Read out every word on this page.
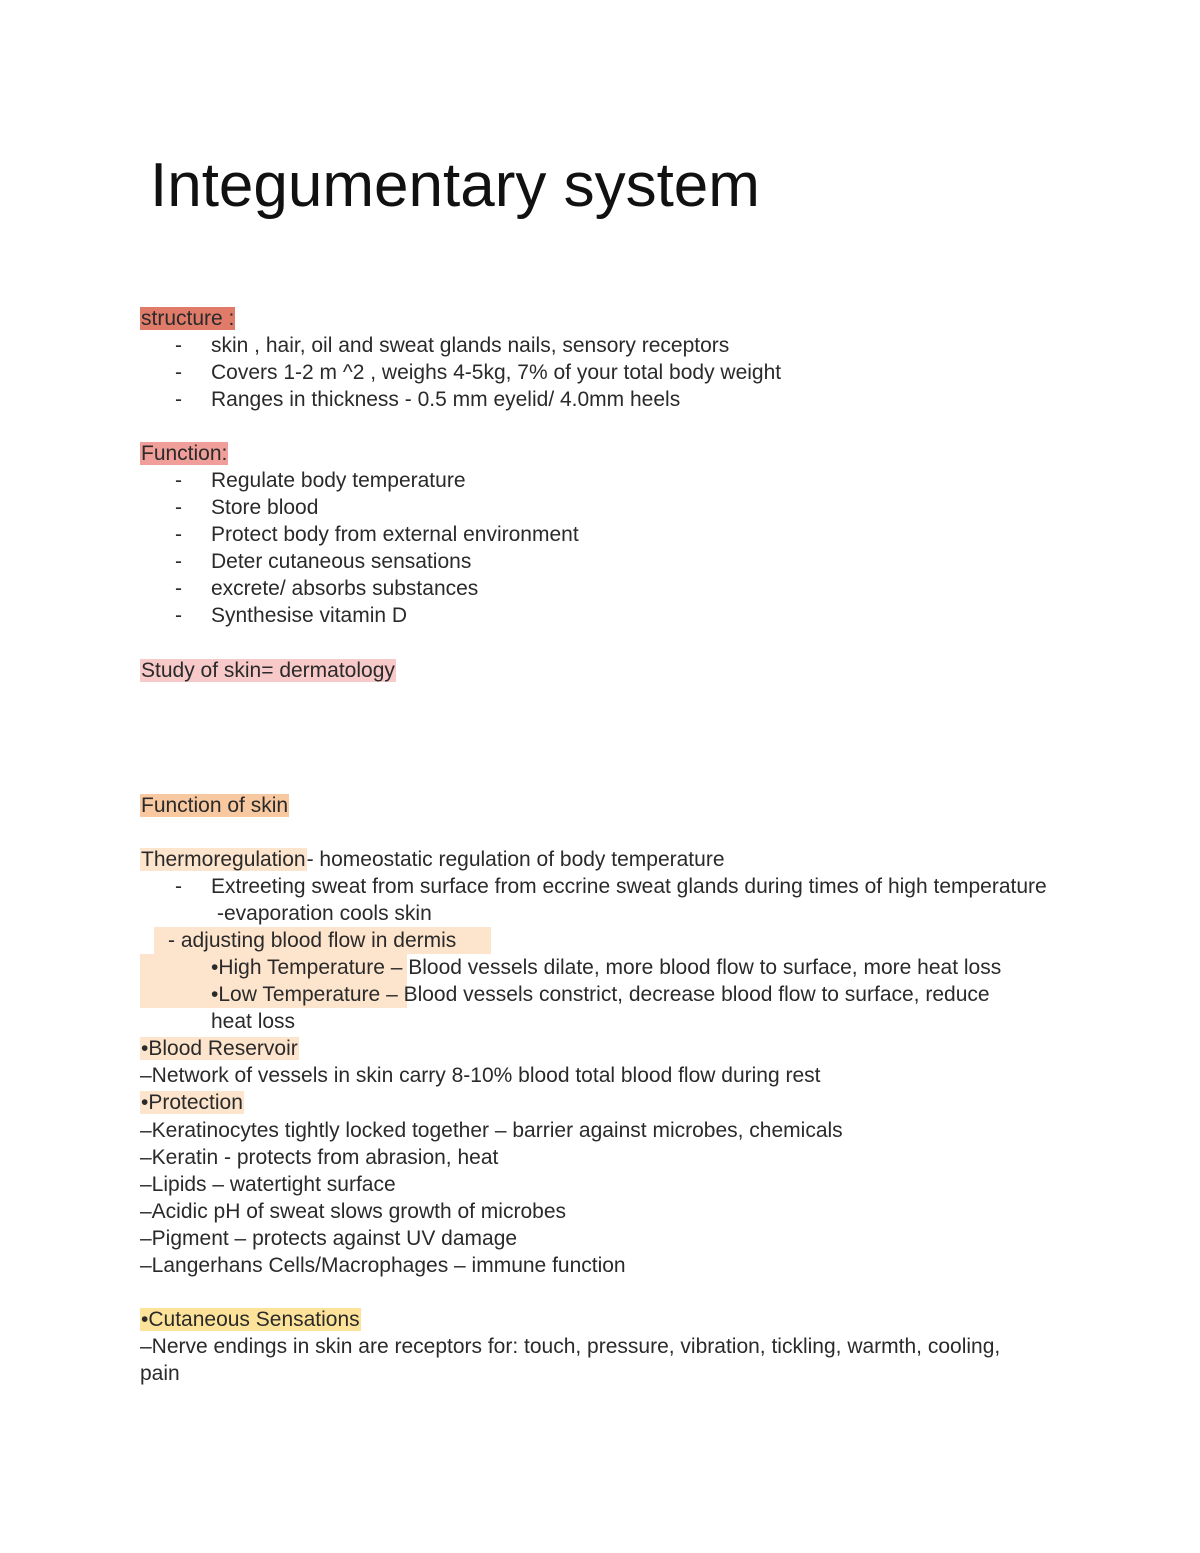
Integumentary system
structure :
- skin , hair, oil and sweat glands nails, sensory receptors
- Covers 1-2 m ^2 , weighs 4-5kg, 7% of your total body weight
- Ranges in thickness - 0.5 mm eyelid/ 4.0mm heels
Function:
- Regulate body temperature
- Store blood
- Protect body from external environment
- Deter cutaneous sensations
- excrete/ absorbs substances
- Synthesise vitamin D
Study of skin= dermatology
Function of skin
Thermoregulation- homeostatic regulation of body temperature
- Extreeting sweat from surface from eccrine sweat glands during times of high temperature
-evaporation cools skin
- adjusting blood flow in dermis
•High Temperature – Blood vessels dilate, more blood flow to surface, more heat loss
•Low Temperature – Blood vessels constrict, decrease blood flow to surface, reduce
heat loss
•Blood Reservoir
–Network of vessels in skin carry 8-10% blood total blood flow during rest
•Protection
–Keratinocytes tightly locked together – barrier against microbes, chemicals
–Keratin - protects from abrasion, heat
–Lipids – watertight surface
–Acidic pH of sweat slows growth of microbes
–Pigment – protects against UV damage
–Langerhans Cells/Macrophages – immune function
•Cutaneous Sensations
–Nerve endings in skin are receptors for: touch, pressure, vibration, tickling, warmth, cooling,
pain
